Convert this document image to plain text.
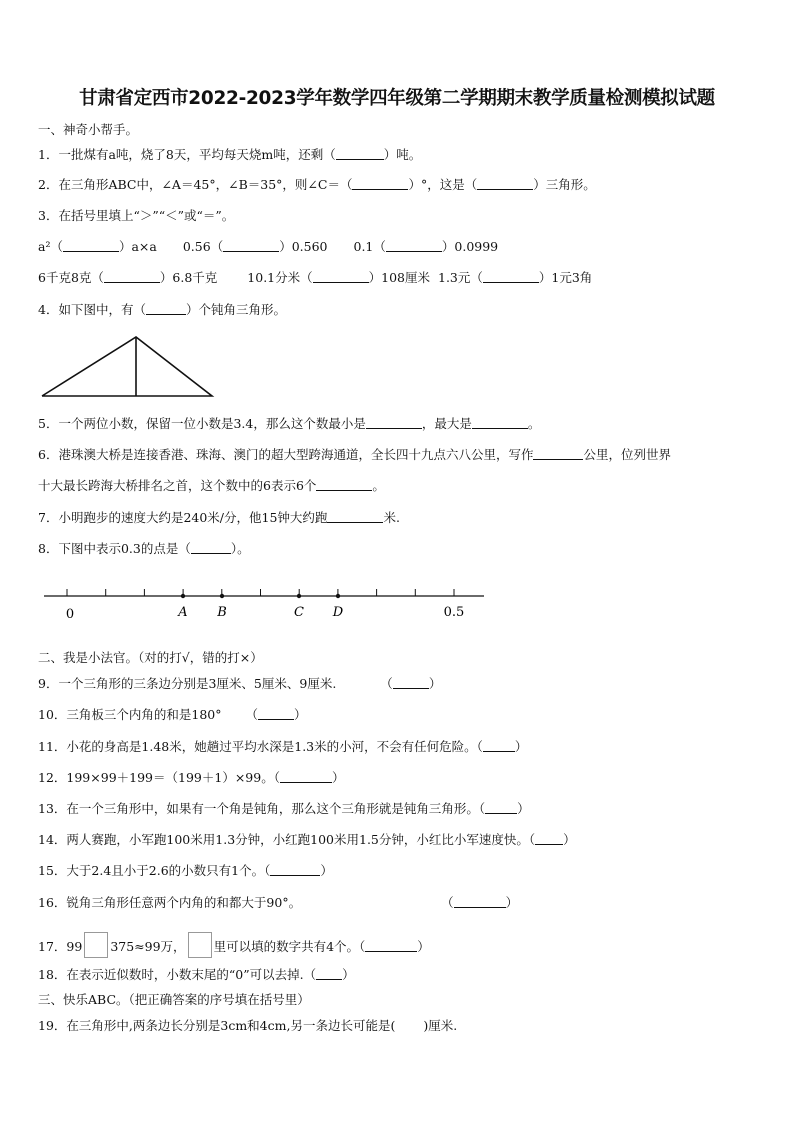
甘肃省定西市2022-2023学年数学四年级第二学期期末教学质量检测模拟试题
一、神奇小帮手。
1．一批煤有a吨，烧了8天，平均每天烧m吨，还剩（	）吨。
2．在三角形ABC中，∠A＝45°，∠B＝35°，则∠C＝（	）°，这是（	）三角形。
3．在括号里填上“＞”“＜”或“＝”。
a²（	）a×a 0.56（	）0.560 0.1（	）0.0999
6千克8克（	）6.8千克 10.1分米（	）108厘米 1.3元（	）1元3角
4．如下图中，有（	）个钝角三角形。
5．一个两位小数，保留一位小数是3.4，那么这个数最小是	，最大是	。
6．港珠澳大桥是连接香港、珠海、澳门的超大型跨海通道，全长四十九点六八公里，写作	公里，位列世界
十大最长跨海大桥排名之首，这个数中的6表示6个	。
7．小明跑步的速度大约是240米/分，他15钟大约跑	米.
8．下图中表示0.3的点是（	）。
0	A B	C D	0.5
二、我是小法官。（对的打√，错的打×）
9．一个三角形的三条边分别是3厘米、5厘米、9厘米.	（	）
10．三角板三个内角的和是180° （	）
11．小花的身高是1.48米，她趟过平均水深是1.3米的小河，不会有任何危险。（	）
12．199×99＋199＝（199＋1）×99。（	）
13．在一个三角形中，如果有一个角是钝角，那么这个三角形就是钝角三角形。（	）
14．两人赛跑，小军跑100米用1.3分钟，小红跑100米用1.5分钟，小红比小军速度快。（ ）
15．大于2.4且小于2.6的小数只有1个。（	）
16．锐角三角形任意两个内角的和都大于90°。	（	）
17．99 375≈99万， 里可以填的数字共有4个。（	）
18．在表示近似数时，小数末尾的“0”可以去掉.（ ）
三、快乐ABC。（把正确答案的序号填在括号里）
19．在三角形中,两条边长分别是3cm和4cm,另一条边长可能是( )厘米.
